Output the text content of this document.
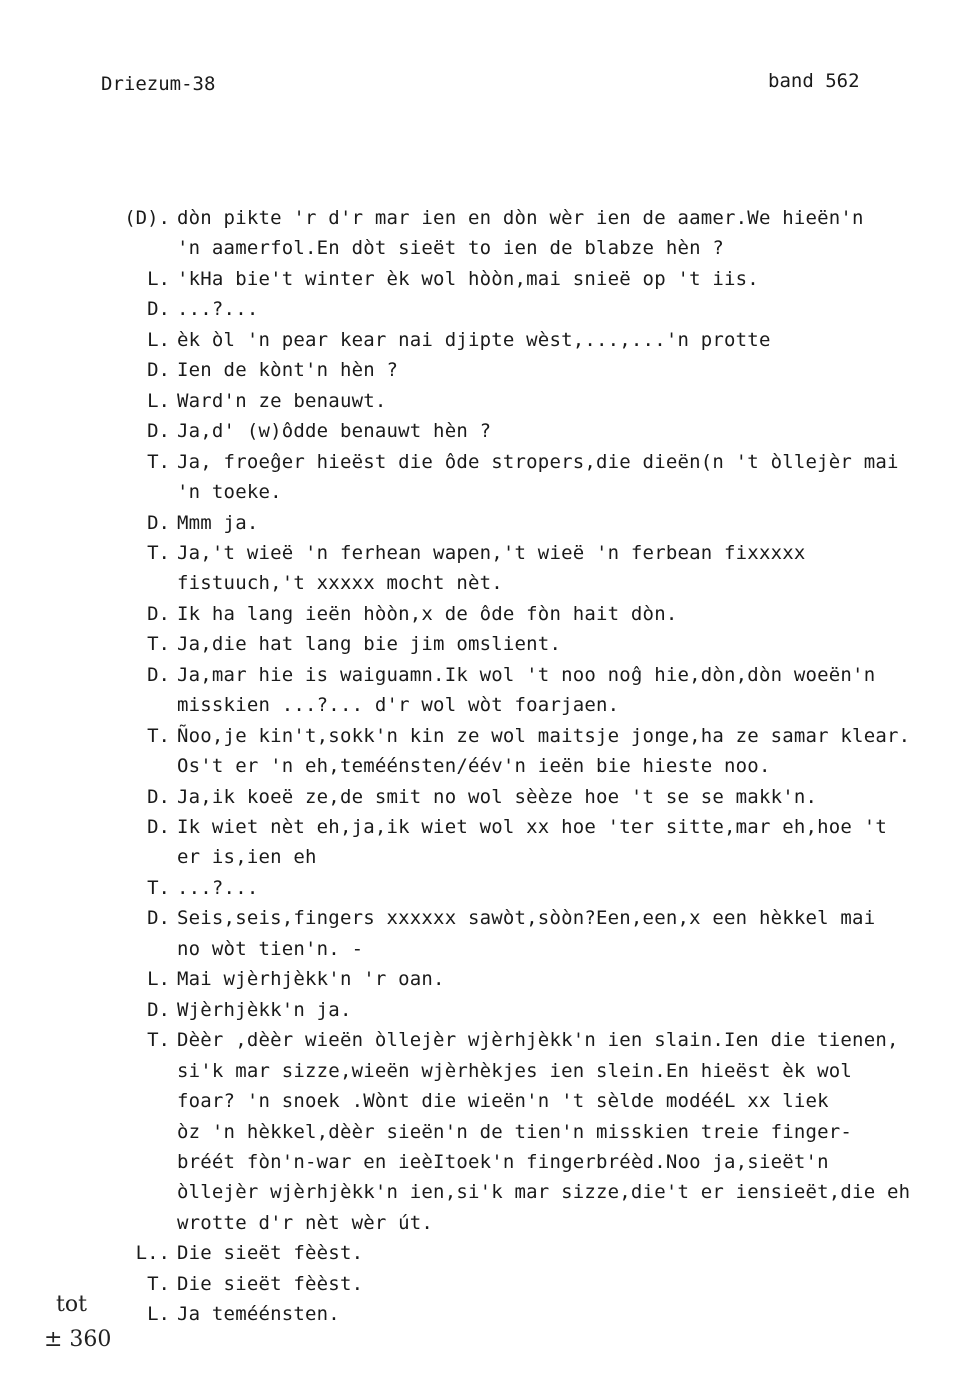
Driezum-38	band 562
(D). dòn pikte 'r d'r mar ien en dòn wèr ien de aamer.We hieën'n
'n aamerfol.En dòt sieët to ien de blabze hèn ?
L. 'kHa bie't winter èk wol hòòn,mai snieë op 't iis.
D. ...?...
L. èk òl 'n pear kear nai djipte wèst,...,...'n protte
D. Ien de kònt'n hèn ?
L. Ward'n ze benauwt.
D. Ja,d' (w)ôdde benauwt hèn ?
T. Ja, froeĝer hieëst die ôde stropers,die dieën(n 't òllejèr mai
'n toeke.
D. Mmm ja.
T. Ja,'t wieë 'n ferhean wapen,'t wieë 'n ferbean fixxxxx
fistuuch,'t xxxxx mocht nèt.
D. Ik ha lang ieën hòòn,x de ôde fòn hait dòn.
T. Ja,die hat lang bie jim omslient.
D. Ja,mar hie is waiguamn.Ik wol 't noo noĝ hie,dòn,dòn woeën'n
misskien ...?... d'r wol wòt foarjaen.
T. Ñoo,je kin't,sokk'n kin ze wol maitsje jonge,ha ze samar klear.
Os't er 'n eh,teméénsten/éév'n ieën bie hieste noo.
D. Ja,ik koeë ze,de smit no wol sèèze hoe 't se se makk'n.
D. Ik wiet nèt eh,ja,ik wiet wol xx hoe 'ter sitte,mar eh,hoe 't
er is,ien eh
T. ...?...
D. Seis,seis,fingers xxxxxx sawòt,sòòn?Een,een,x een hèkkel mai
no wòt tien'n. -
L. Mai wjèrhjèkk'n 'r oan.
D. Wjèrhjèkk'n ja.
T. Dèèr ,dèèr wieën òllejèr wjèrhjèkk'n ien slain.Ien die tienen,
si'k mar sizze,wieën wjèrhèkjes ien slein.En hieëst èk wol
foar? 'n snoek .Wònt die wieën'n 't sèlde modééL xx liek
òz 'n hèkkel,dèèr sieën'n de tien'n misskien treie finger-
bréét fòn'n-war en ieèItoek'n fingerbréèd.Noo ja,sieët'n
òllejèr wjèrhjèkk'n ien,si'k mar sizze,die't er iensieët,die eh
wrotte d'r nèt wèr út.
L.. Die sieët fèèst.
T. Die sieët fèèst.
L. Ja teméénsten.
tot
± 360
